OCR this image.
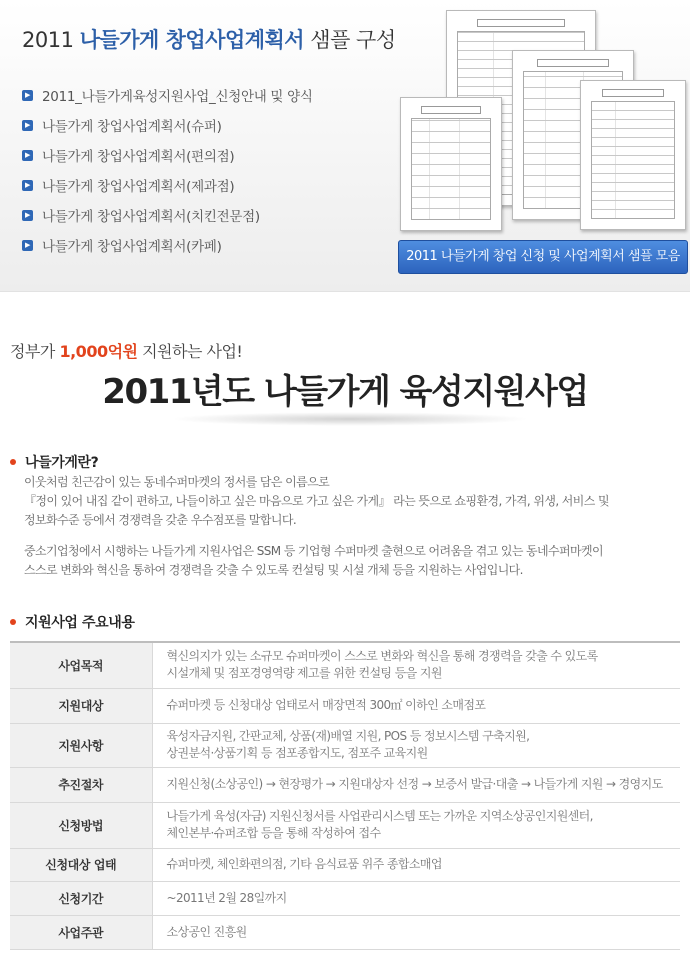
2011 나들가게 창업사업계획서 샘플 구성
▶ 2011_나들가게육성지원사업_신청안내 및 양식
▶ 나들가게 창업사업계획서(슈퍼)
▶ 나들가게 창업사업계획서(편의점)
▶ 나들가게 창업사업계획서(제과점)
▶ 나들가게 창업사업계획서(치킨전문점)
▶ 나들가게 창업사업계획서(카페)
2011 나들가게 창업 신청 및 사업계획서 샘플 모음
정부가 1,000억원 지원하는 사업!
2011년도 나들가게 육성지원사업
나들가게란?
이웃처럼 친근감이 있는 동네수퍼마켓의 정서를 담은 이름으로
『정이 있어 내집 같이 편하고, 나들이하고 싶은 마음으로 가고 싶은 가게』 라는 뜻으로 쇼핑환경, 가격, 위생, 서비스 및
정보화수준 등에서 경쟁력을 갖춘 우수점포를 말합니다.
중소기업청에서 시행하는 나들가게 지원사업은 SSM 등 기업형 수퍼마켓 출현으로 어려움을 겪고 있는 동네수퍼마켓이
스스로 변화와 혁신을 통하여 경쟁력을 갖출 수 있도록 컨설팅 및 시설 개체 등을 지원하는 사업입니다.
지원사업 주요내용
사업목적	혁신의지가 있는 소규모 슈퍼마켓이 스스로 변화와 혁신을 통해 경쟁력을 갖출 수 있도록
시설개체 및 점포경영역량 제고를 위한 컨설팅 등을 지원

지원대상	슈퍼마켓 등 신청대상 업태로서 매장면적 300㎡ 이하인 소매점포

지원사항	육성자금지원, 간판교체, 상품(재)배열 지원, POS 등 정보시스템 구축지원,
상권분석·상품기획 등 점포종합지도, 점포주 교육지원

추진절차	지원신청(소상공인) → 현장평가 → 지원대상자 선정 → 보증서 발급·대출 → 나들가게 지원 → 경영지도

신청방법	나들가게 육성(자금) 지원신청서를 사업관리시스템 또는 가까운 지역소상공인지원센터,
체인본부·슈퍼조합 등을 통해 작성하여 접수

신청대상 업태	슈퍼마켓, 체인화편의점, 기타 음식료품 위주 종합소매업

신청기간	~2011년 2월 28일까지

사업주관	소상공인 진흥원
